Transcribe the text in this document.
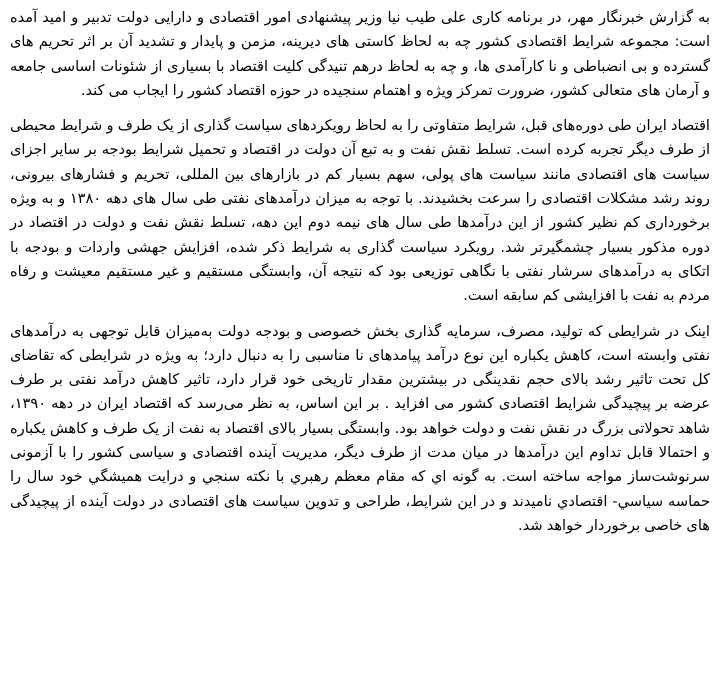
به گزارش خبرنگار مهر، در برنامه کاری علی طیب نیا وزیر پیشنهادی امور اقتصادی و دارایی دولت تدبیر و امید آمده است: مجموعه شرایط اقتصادی کشور چه به لحاظ کاستی های دیرینه، مزمن و پایدار و تشدید آن بر اثر تحریم های گسترده و بی انضباطی و نا کارآمدی ها، و چه به لحاظ درهم تنیدگی کلیت اقتصاد با بسیاری از شئونات اساسی جامعه و آرمان های متعالی کشور، ضرورت تمرکز ویژه و اهتمام سنجیده در حوزه اقتصاد کشور را ایجاب می کند.

اقتصاد ایران طی دوره‌های قبل، شرایط متفاوتی را به لحاظ رویکردهای سیاست گذاری از یک طرف و شرایط محیطی از طرف دیگر تجربه کرده است. تسلط نقش نفت و به تبع آن دولت در اقتصاد و تحمیل شرایط بودجه بر سایر اجزای سیاست های اقتصادی مانند سیاست های پولی، سهم بسیار کم در بازارهای بین المللی، تحریم و فشارهای بیرونی، روند رشد مشکلات اقتصادی را سرعت بخشیدند. با توجه به میزان درآمدهای نفتی طی سال های دهه ۱۳۸۰ و به ویژه برخورداری کم نظیر کشور از این درآمدها طی سال های نیمه دوم این دهه، تسلط نقش نفت و دولت در اقتصاد در دوره مذکور بسیار چشمگیرتر شد. رویکرد سیاست گذاری به شرایط ذکر شده، افزایش جهشی واردات و بودجه با اتکای به درآمدهای سرشار نفتی با نگاهی توزیعی بود که نتیجه آن، وابستگی مستقیم و غیر مستقیم معیشت و رفاه مردم به نفت با افزایشی کم سابقه است.

اینک در شرایطی که تولید، مصرف، سرمایه گذاری بخش خصوصی و بودجه دولت به‌میزان قابل توجهی به درآمدهای نفتی وابسته است، کاهش یکباره این نوع درآمد پیامدهای نا مناسبی را به دنبال دارد؛ به ویژه در شرایطی که تقاضای کل تحت تاثیر رشد بالای حجم نقدینگی در بیشترین مقدار تاریخی خود قرار دارد، تاثیر کاهش درآمد نفتی بر طرف عرضه بر پیچیدگی شرایط اقتصادی کشور می افزاید . بر این اساس، به نظر می‌رسد که اقتصاد ایران در دهه ۱۳۹۰، شاهد تحولاتی بزرگ در نقش نفت و دولت خواهد بود. وابستگی بسیار بالای اقتصاد به نفت از یک طرف و کاهش یکباره و احتمالا قابل تداوم این درآمدها در میان مدت از طرف دیگر، مدیریت آینده اقتصادی و سیاسی کشور را با آزمونی سرنوشت‌ساز مواجه ساخته است. به گونه اي كه مقام معظم رهبري با نكته سنجي و درايت هميشگي خود سال را حماسه سياسي- اقتصادي ناميدند و در اين شرايط، طراحی و تدوین سیاست های اقتصادی در دولت آینده از پیچیدگی های خاصی برخوردار خواهد شد.
